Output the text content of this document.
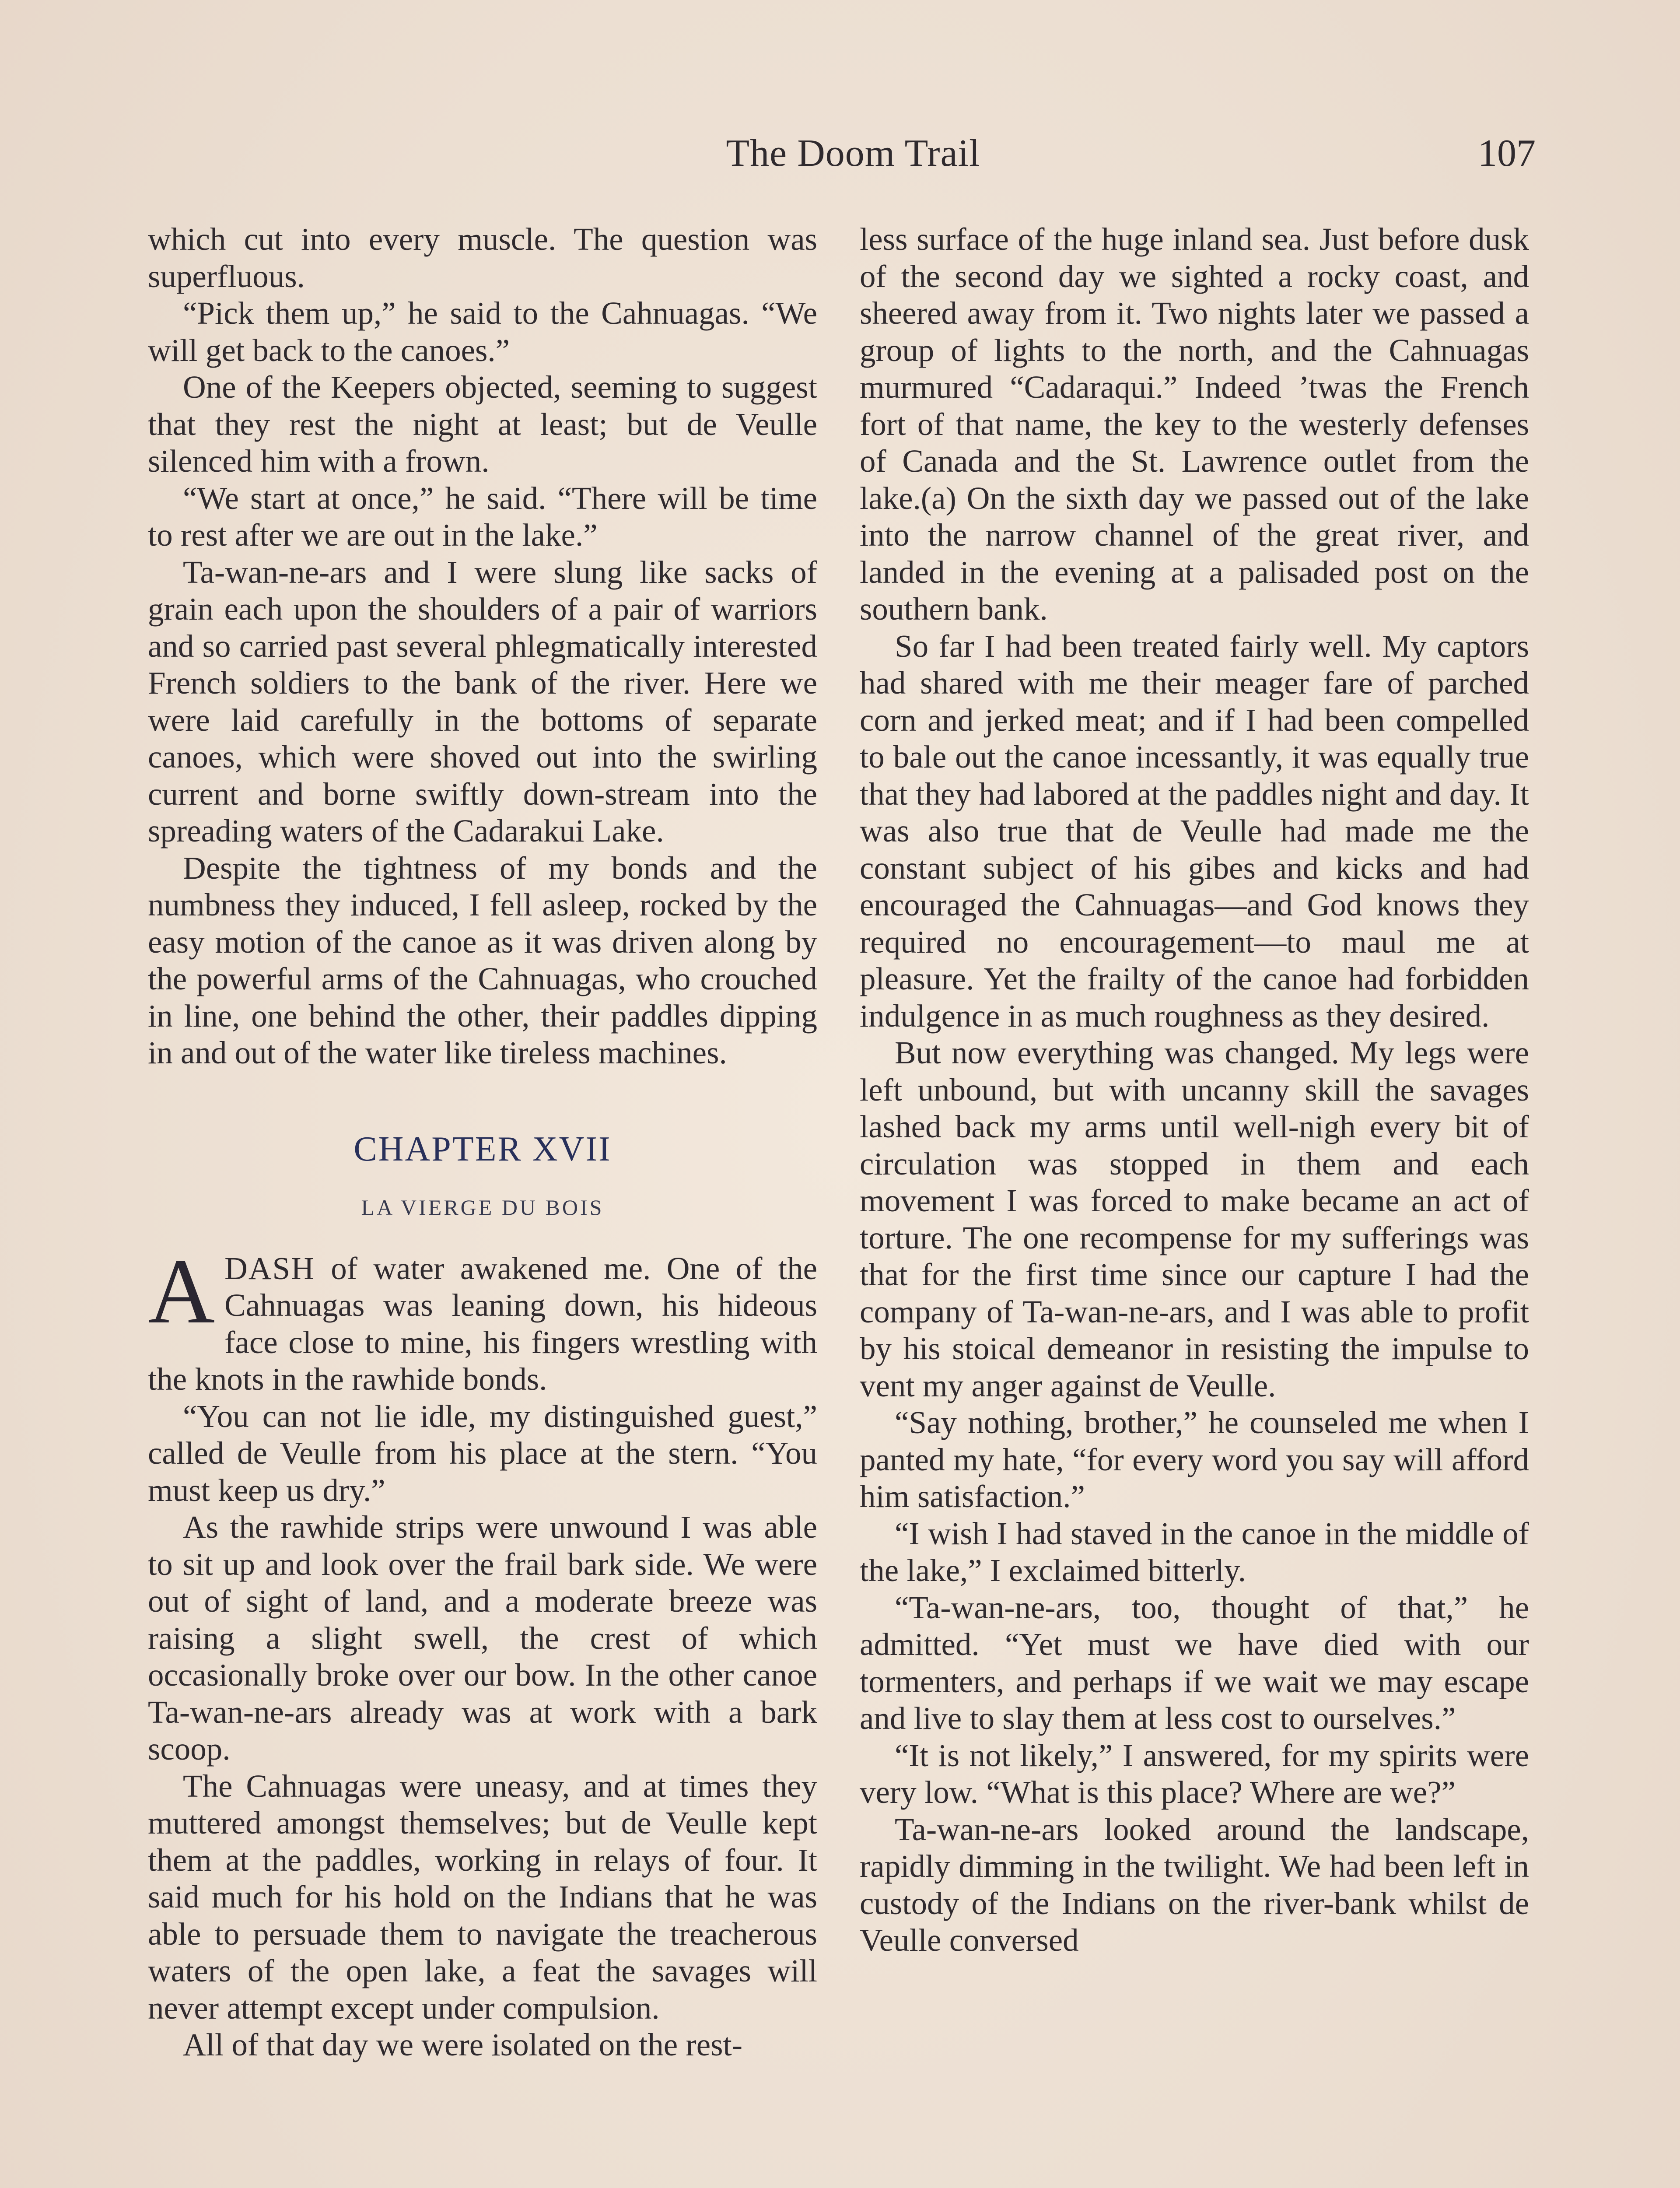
The Doom Trail	107

which cut into every muscle. The question was superfluous.

“Pick them up,” he said to the Cahnuagas. “We will get back to the canoes.”

One of the Keepers objected, seeming to suggest that they rest the night at least; but de Veulle silenced him with a frown.

“We start at once,” he said. “There will be time to rest after we are out in the lake.”

Ta-wan-ne-ars and I were slung like sacks of grain each upon the shoulders of a pair of warriors and so carried past several phlegmatically interested French soldiers to the bank of the river. Here we were laid carefully in the bottoms of separate canoes, which were shoved out into the swirling current and borne swiftly down-stream into the spreading waters of the Cadarakui Lake.

Despite the tightness of my bonds and the numbness they induced, I fell asleep, rocked by the easy motion of the canoe as it was driven along by the powerful arms of the Cahnuagas, who crouched in line, one behind the other, their paddles dipping in and out of the water like tireless machines.

CHAPTER XVII
LA VIERGE DU BOIS

ADASH of water awakened me. One of the Cahnuagas was leaning down, his hideous face close to mine, his fingers wrestling with the knots in the rawhide bonds.

“You can not lie idle, my distinguished guest,” called de Veulle from his place at the stern. “You must keep us dry.”

As the rawhide strips were unwound I was able to sit up and look over the frail bark side. We were out of sight of land, and a moderate breeze was raising a slight swell, the crest of which occasionally broke over our bow. In the other canoe Ta-wan-ne-ars already was at work with a bark scoop.

The Cahnuagas were uneasy, and at times they muttered amongst themselves; but de Veulle kept them at the paddles, working in relays of four. It said much for his hold on the Indians that he was able to persuade them to navigate the treacherous waters of the open lake, a feat the savages will never attempt except under compulsion.

All of that day we were isolated on the rest-

less surface of the huge inland sea. Just before dusk of the second day we sighted a rocky coast, and sheered away from it. Two nights later we passed a group of lights to the north, and the Cahnuagas murmured “Cadaraqui.” Indeed ’twas the French fort of that name, the key to the westerly defenses of Canada and the St. Lawrence outlet from the lake.(a) On the sixth day we passed out of the lake into the narrow channel of the great river, and landed in the evening at a palisaded post on the southern bank.

So far I had been treated fairly well. My captors had shared with me their meager fare of parched corn and jerked meat; and if I had been compelled to bale out the canoe incessantly, it was equally true that they had labored at the paddles night and day. It was also true that de Veulle had made me the constant subject of his gibes and kicks and had encouraged the Cahnuagas—and God knows they required no encouragement—to maul me at pleasure. Yet the frailty of the canoe had forbidden indulgence in as much roughness as they desired.

But now everything was changed. My legs were left unbound, but with uncanny skill the savages lashed back my arms until well-nigh every bit of circulation was stopped in them and each movement I was forced to make became an act of torture. The one recompense for my sufferings was that for the first time since our capture I had the company of Ta-wan-ne-ars, and I was able to profit by his stoical demeanor in resisting the impulse to vent my anger against de Veulle.

“Say nothing, brother,” he counseled me when I panted my hate, “for every word you say will afford him satisfaction.”

“I wish I had staved in the canoe in the middle of the lake,” I exclaimed bitterly.

“Ta-wan-ne-ars, too, thought of that,” he admitted. “Yet must we have died with our tormenters, and perhaps if we wait we may escape and live to slay them at less cost to ourselves.”

“It is not likely,” I answered, for my spirits were very low. “What is this place? Where are we?”

Ta-wan-ne-ars looked around the landscape, rapidly dimming in the twilight. We had been left in custody of the Indians on the river-bank whilst de Veulle conversed
